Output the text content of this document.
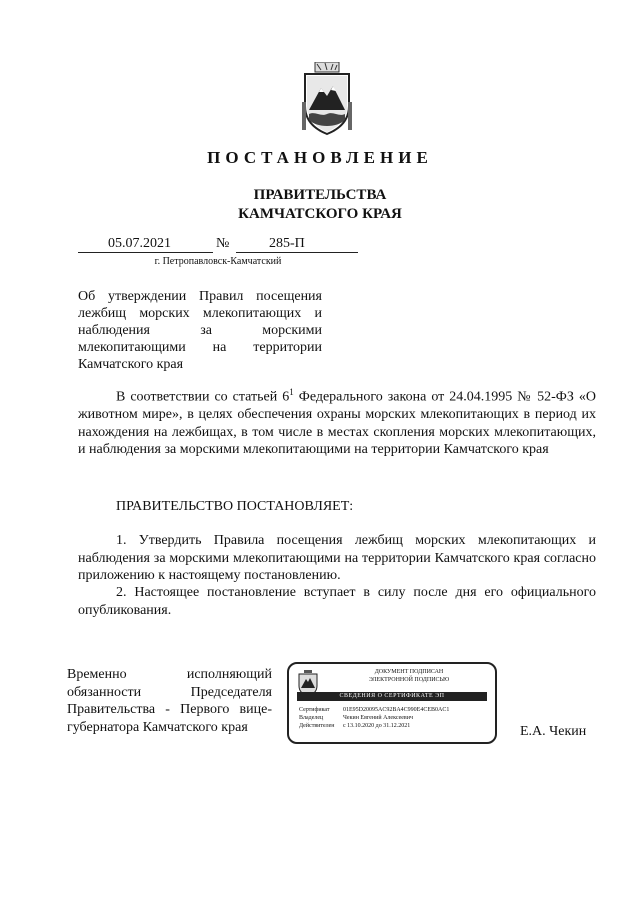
ПОСТАНОВЛЕНИЕ
ПРАВИТЕЛЬСТВА
КАМЧАТСКОГО КРАЯ
05.07.2021	№	285-П
г. Петропавловск-Камчатский
Об утверждении Правил посещения лежбищ морских млекопитающих и наблюдения за морскими млекопитающими на территории Камчатского края
В соответствии со статьей $6^1$ Федерального закона от 24.04.1995 № 52-ФЗ «О животном мире», в целях обеспечения охраны морских млекопитающих в период их нахождения на лежбищах, в том числе в местах скопления морских млекопитающих, и наблюдения за морскими млекопитающими на территории Камчатского края
ПРАВИТЕЛЬСТВО ПОСТАНОВЛЯЕТ:
1. Утвердить Правила посещения лежбищ морских млекопитающих и наблюдения за морскими млекопитающими на территории Камчатского края согласно приложению к настоящему постановлению.
2. Настоящее постановление вступает в силу после дня его официального опубликования.
Временно исполняющий
обязанности Председателя
Правительства - Первого вице-
губернатора Камчатского края
ДОКУМЕНТ ПОДПИСАН
ЭЛЕКТРОННОЙ ПОДПИСЬЮ
СВЕДЕНИЯ О СЕРТИФИКАТЕ ЭП
Сертификат 01E95D20095AC92BA4C990E4CEB0AC1
Владелец	Чекин Евгений Алексеевич
Действителен с 13.10.2020 до 31.12.2021	Е.А. Чекин
